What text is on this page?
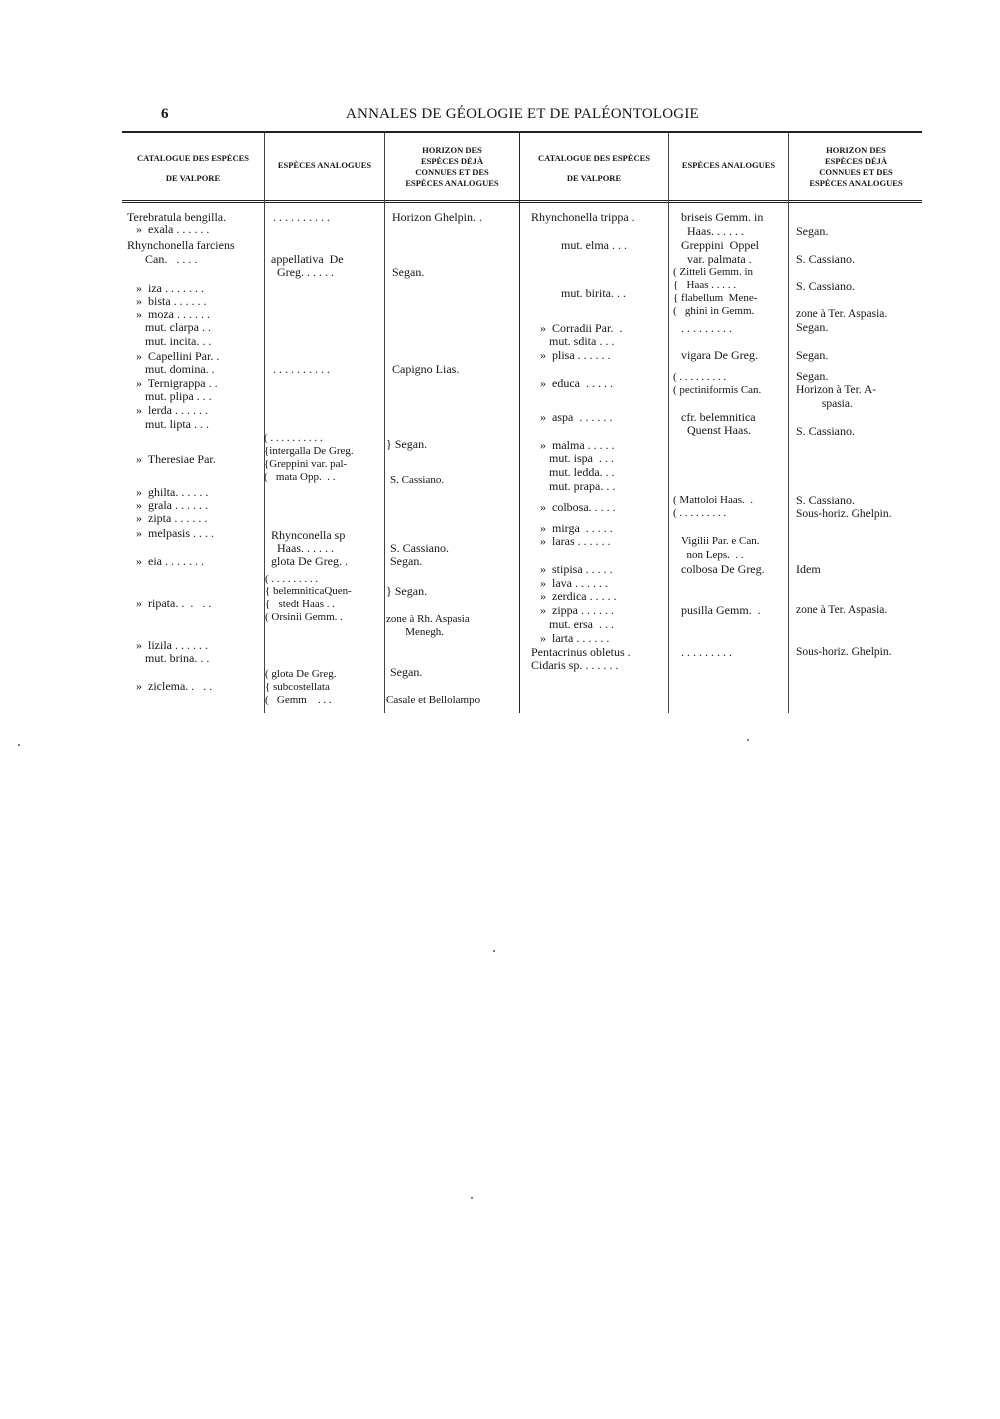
6	ANNALES DE GÉOLOGIE ET DE PALÉONTOLOGIE
CATALOGUE DES ESPÈCES
DE VALPORE
ESPÈCES ANALOGUES
HORIZON DES
ESPÈCES DÉJÀ
CONNUES ET DES
ESPÈCES ANALOGUES
CATALOGUE DES ESPÈCES
DE VALPORE
ESPÈCES ANALOGUES
HORIZON DES
ESPÈCES DÉJÀ
CONNUES ET DES
ESPÈCES ANALOGUES
Terebratula bengilla.
»  exala . . . . . .
Rhynchonella farciens
Can.   . . . .
»  iza . . . . . . .
»  bista . . . . . .
»  moza . . . . . .
mut. clarpa . .
mut. incita. . .
»  Capellini Par. .
mut. domina. .
»  Ternigrappa . .
mut. plipa . . .
»  lerda . . . . . .
mut. lipta . . .
»  Theresiae Par.
»  ghilta. . . . . .
»  grala . . . . . .
»  zipta . . . . . .
»  melpasis . . . .
»  eia . . . . . . .
»  ripata. .  .   . .
»  lizila . . . . . .
mut. brina. . .
»  ziclema. .   . .
. . . . . . . . . .
appellativa  De
Greg. . . . . .
. . . . . . . . . .
( . . . . . . . . . .
{intergalla De Greg.
{Greppini var. pal-
(   mata Opp.  . .
Rhynconella sp
Haas. . . . . .
glota De Greg. .
( . . . . . . . . .
{ belemniticaQuen-
{   stedt Haas . .
( Orsinii Gemm. .
( glota De Greg.
{ subcostellata
(   Gemm    . . .
Horizon Ghelpin. .
Segan.
Capigno Lias.
} Segan.
S. Cassiano.
S. Cassiano.
Segan.
} Segan.
zone à Rh. Aspasia
Menegh.
Segan.
Casale et Bellolampo
Rhynchonella trippa .
mut. elma . . .
mut. birita. . .
»  Corradii Par.  .
mut. sdita . . .
»  plisa . . . . . .
»  educa  . . . . .
»  aspa  . . . . . .
»  malma . . . . .
mut. ispa  . . .
mut. ledda. . .
mut. prapa. . .
»  colbosa. . . . .
»  mirga  . . . . .
»  laras . . . . . .
»  stipisa . . . . .
»  lava . . . . . .
»  zerdica . . . . .
»  zippa . . . . . .
mut. ersa  . . .
»  larta . . . . . .
Pentacrinus obletus .
Cidaris sp. . . . . . .
briseis Gemm. in
Haas. . . . . .
Greppini  Oppel
var. palmata .
( Zitteli Gemm. in
{   Haas . . . . .
{ flabellum  Mene-
(   ghini in Gemm.
. . . . . . . . .
vigara De Greg.
( . . . . . . . . .
( pectiniformis Can.
cfr. belemnitica
Quenst Haas.
( Mattoloi Haas.  .
( . . . . . . . . .
Vigilii Par. e Can.
non Leps.  . .
colbosa De Greg.
pusilla Gemm.  .
. . . . . . . . .
Segan.
S. Cassiano.
S. Cassiano.
zone à Ter. Aspasia.
Segan.
Segan.
Segan.
Horizon à Ter. A-
spasia.
S. Cassiano.
S. Cassiano.
Sous-horiz. Ghelpin.
Idem
zone à Ter. Aspasia.
Sous-horiz. Ghelpin.
